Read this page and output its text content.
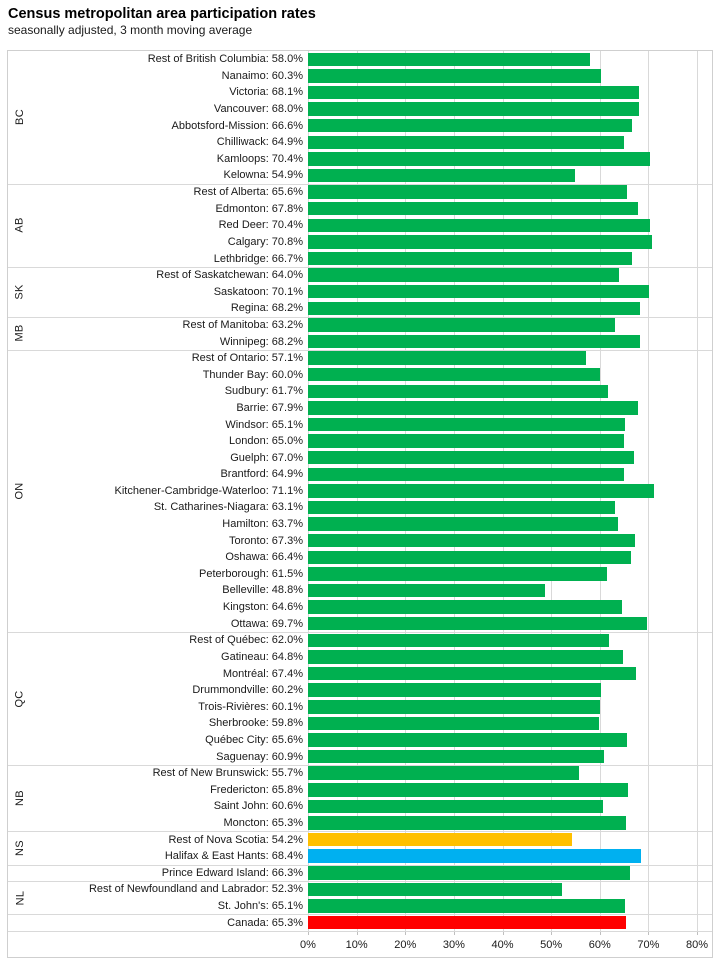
Census metropolitan area participation rates
seasonally adjusted, 3 month moving average
BC
Rest of British Columbia: 58.0%
Nanaimo: 60.3%
Victoria: 68.1%
Vancouver: 68.0%
Abbotsford-Mission: 66.6%
Chilliwack: 64.9%
Kamloops: 70.4%
Kelowna: 54.9%
AB
Rest of Alberta: 65.6%
Edmonton: 67.8%
Red Deer: 70.4%
Calgary: 70.8%
Lethbridge: 66.7%
SK
Rest of Saskatchewan: 64.0%
Saskatoon: 70.1%
Regina: 68.2%
MB	Rest of Manitoba: 63.2%
Winnipeg: 68.2%
ON
Rest of Ontario: 57.1%
Thunder Bay: 60.0%
Sudbury: 61.7%
Barrie: 67.9%
Windsor: 65.1%
London: 65.0%
Guelph: 67.0%
Brantford: 64.9%
Kitchener-Cambridge-Waterloo: 71.1%
St. Catharines-Niagara: 63.1%
Hamilton: 63.7%
Toronto: 67.3%
Oshawa: 66.4%
Peterborough: 61.5%
Belleville: 48.8%
Kingston: 64.6%
Ottawa: 69.7%
QC
Rest of Québec: 62.0%
Gatineau: 64.8%
Montréal: 67.4%
Drummondville: 60.2%
Trois-Rivières: 60.1%
Sherbrooke: 59.8%
Québec City: 65.6%
Saguenay: 60.9%
NB
Rest of New Brunswick: 55.7%
Fredericton: 65.8%
Saint John: 60.6%
Moncton: 65.3%
NS
Rest of Nova Scotia: 54.2%
Halifax & East Hants: 68.4%
Prince Edward Island: 66.3%
NL
Rest of Newfoundland and Labrador: 52.3%
St. John's: 65.1%
Canada: 65.3%
0%	10% 20% 30% 40% 50% 60% 70% 80%
